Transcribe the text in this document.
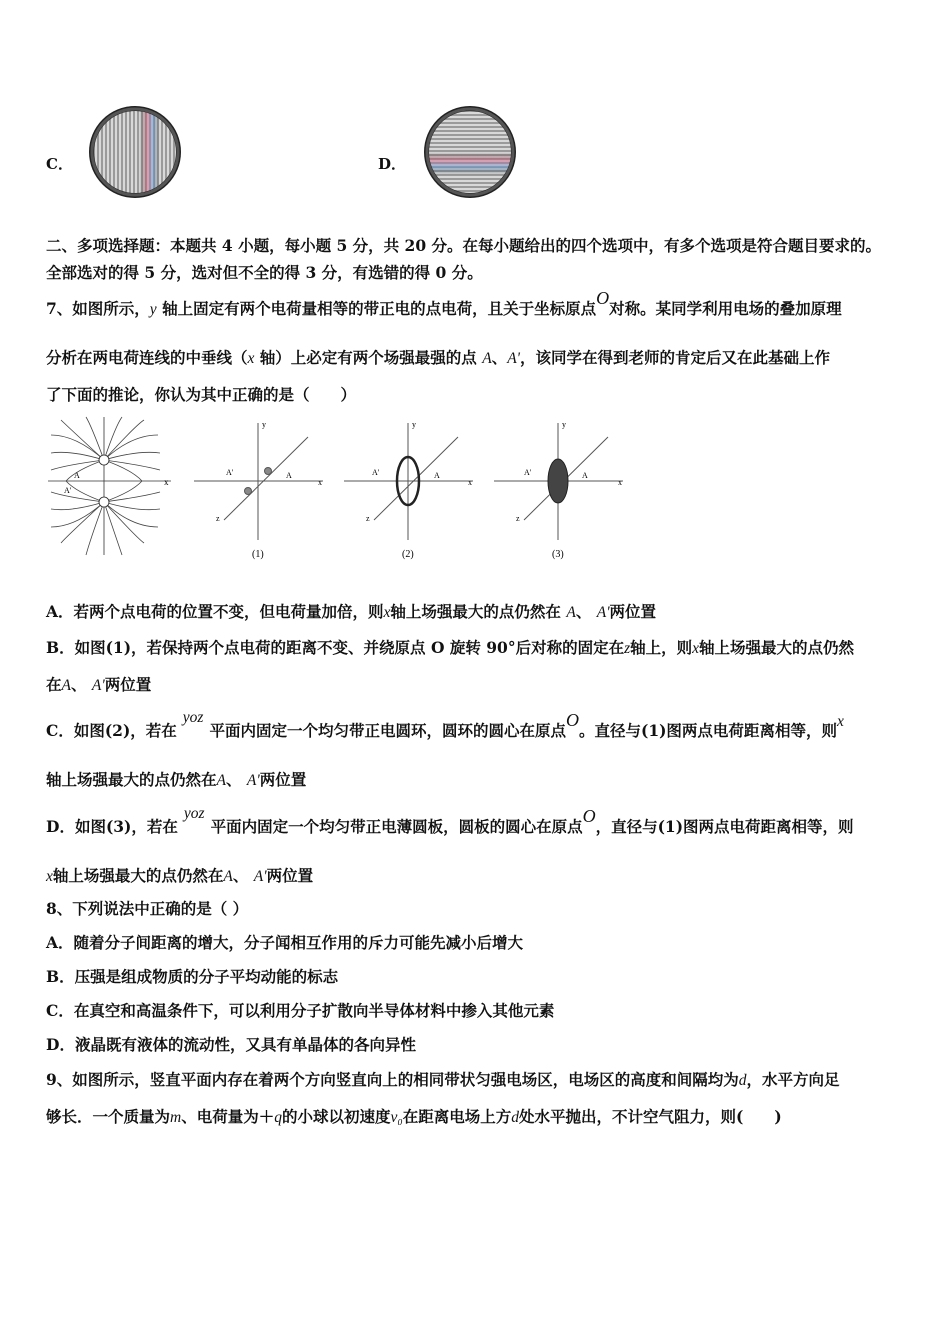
C．	D．
二、多项选择题：本题共 4 小题，每小题 5 分，共 20 分。在每小题给出的四个选项中，有多个选项是符合题目要求的。
全部选对的得 5 分，选对但不全的得 3 分，有选错的得 0 分。
7、如图所示，y 轴上固定有两个电荷量相等的带正电的点电荷，且关于坐标原点O对称。某同学利用电场的叠加原理
分析在两电荷连线的中垂线（x 轴）上必定有两个场强最强的点 A、A'，该同学在得到老师的肯定后又在此基础上作
了下面的推论，你认为其中正确的是（　　）
x
A
A'
x
y
z
A
A'
(1)
x
y
z
A
A'
(2)
x
y
z
A
A'
(3)
A．若两个点电荷的位置不变，但电荷量加倍，则x轴上场强最大的点仍然在 A、 A'两位置
B．如图(1)，若保持两个点电荷的距离不变、并绕原点 O 旋转 90°后对称的固定在z轴上，则x轴上场强最大的点仍然
在A、 A'两位置
C．如图(2)，若在yoz平面内固定一个均匀带正电圆环，圆环的圆心在原点O。直径与(1)图两点电荷距离相等，则x
轴上场强最大的点仍然在A、 A'两位置
D．如图(3)，若在yoz平面内固定一个均匀带正电薄圆板，圆板的圆心在原点O，直径与(1)图两点电荷距离相等，则
x轴上场强最大的点仍然在A、 A'两位置
8、下列说法中正确的是（ ）
A．随着分子间距离的增大，分子闻相互作用的斥力可能先减小后增大
B．压强是组成物质的分子平均动能的标志
C．在真空和高温条件下，可以利用分子扩散向半导体材料中掺入其他元素
D．液晶既有液体的流动性，又具有单晶体的各向异性
9、如图所示，竖直平面内存在着两个方向竖直向上的相同带状匀强电场区，电场区的高度和间隔均为d，水平方向足
够长．一个质量为m、电荷量为＋q的小球以初速度v₀在距离电场上方d处水平抛出，不计空气阻力，则(　　)
